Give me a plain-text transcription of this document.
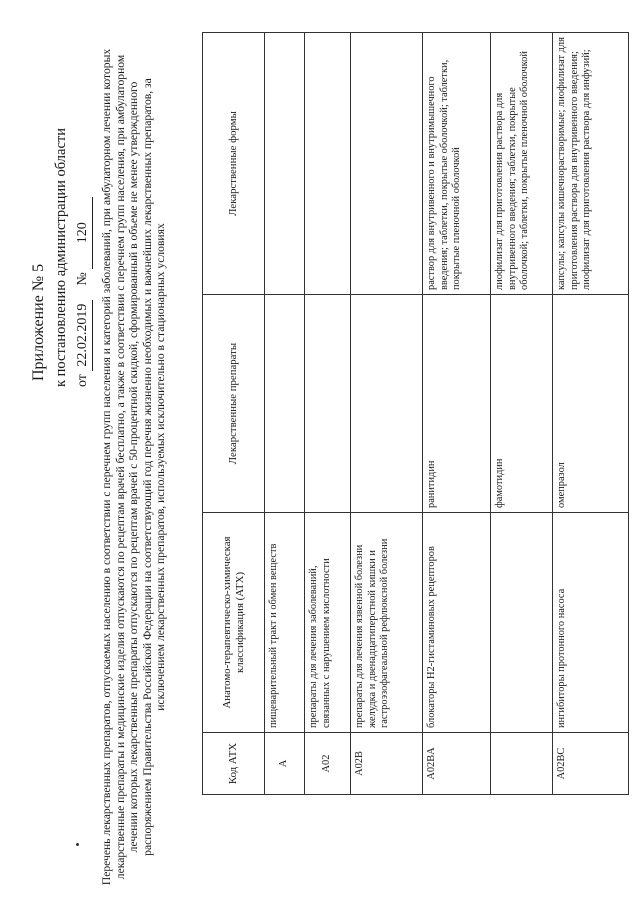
Приложение № 5 к постановлению администрации области от 22.02.2019    № 120 Перечень лекарственных препаратов, отпускаемых населению в соответствии с перечнем групп населения и категорий заболеваний, при амбулаторном лечении которых лекарственные препараты и медицинские изделия отпускаются по рецептам врачей бесплатно, а также в соответствии с перечнем групп населения, при амбулаторном лечении которых лекарственные препараты отпускаются по рецептам врачей с 50-процентной скидкой, сформированный в объеме не менее утвержденного распоряжением Правительства Российской Федерации на соответствующий год перечня жизненно необходимых и важнейших лекарственных препаратов, за исключением лекарственных препаратов, используемых исключительно в стационарных условиях
Код АТХ	Анатомо-терапевтическо-химическая классификация (АТХ)	Лекарственные препараты	Лекарственные формы
A	пищеварительный тракт и обмен веществ		
A02	препараты для лечения заболеваний, связанных с нарушением кислотности		
A02B	препараты для лечения язвенной болезни желудка и двенадцатиперстной кишки и гастроэзофагеальной рефлюксной болезни		
A02BA	блокаторы H2-гистаминовых рецепторов	ранитидин	раствор для внутривенного и внутримышечного введения; таблетки, покрытые оболочкой; таблетки, покрытые пленочной оболочкой
		фамотидин	лиофилизат для приготовления раствора для внутривенного введения; таблетки, покрытые оболочкой; таблетки, покрытые пленочной оболочкой
A02BC	ингибиторы протонного насоса	омепразол	капсулы; капсулы кишечнорастворимые; лиофилизат для приготовления раствора для внутривенного введения; лиофилизат для приготовления раствора для инфузий;
